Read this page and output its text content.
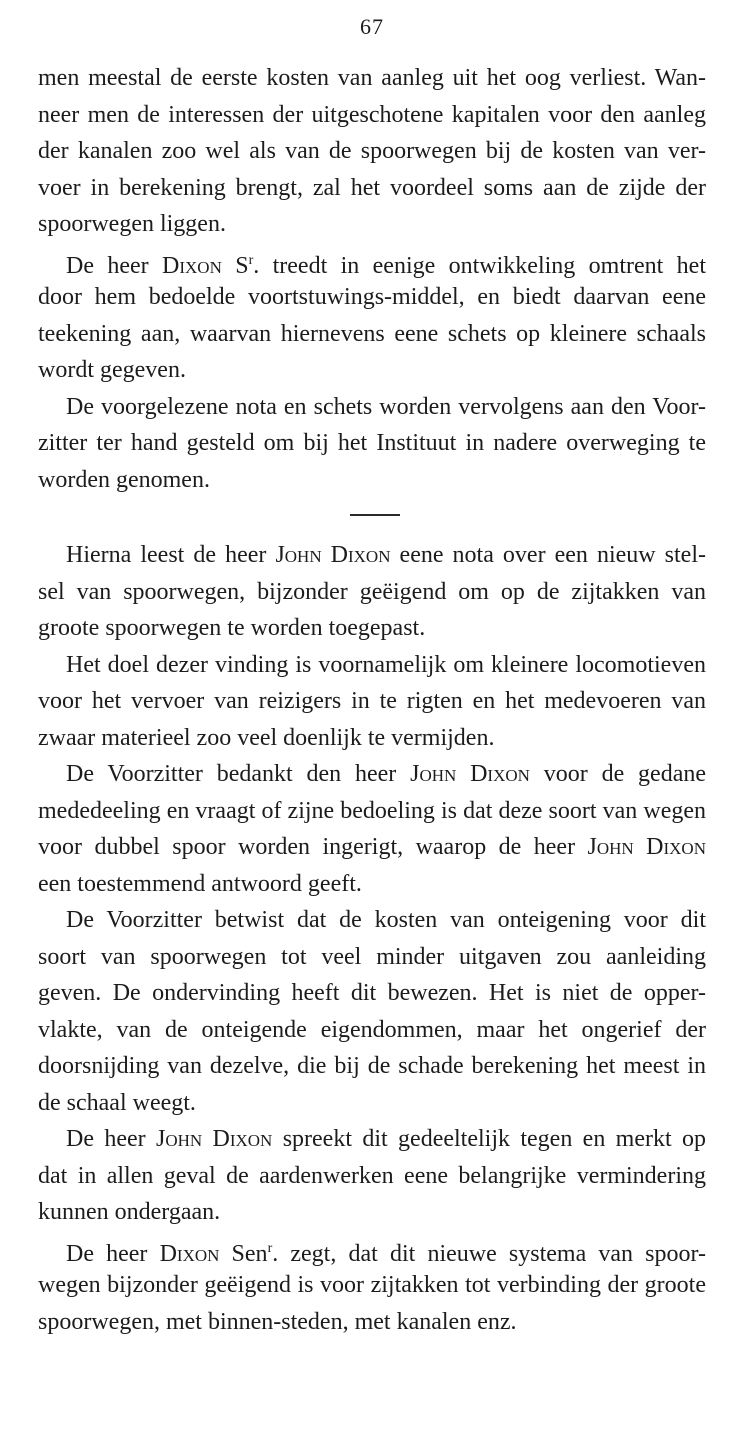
67
men meestal de eerste kosten van aanleg uit het oog verliest. Wan-
neer men de interessen der uitgeschotene kapitalen voor den aanleg
der kanalen zoo wel als van de spoorwegen bij de kosten van ver-
voer in berekening brengt, zal het voordeel soms aan de zijde der
spoorwegen liggen.
De heer Dixon $S^r$. treedt in eenige ontwikkeling omtrent het
door hem bedoelde voortstuwings-middel, en biedt daarvan eene
teekening aan, waarvan hiernevens eene schets op kleinere schaals
wordt gegeven.
De voorgelezene nota en schets worden vervolgens aan den Voor-
zitter ter hand gesteld om bij het Instituut in nadere overweging te
worden genomen.
Hierna leest de heer John Dixon eene nota over een nieuw stel-
sel van spoorwegen, bijzonder geëigend om op de zijtakken van
groote spoorwegen te worden toegepast.
Het doel dezer vinding is voornamelijk om kleinere locomotieven
voor het vervoer van reizigers in te rigten en het medevoeren van
zwaar materieel zoo veel doenlijk te vermijden.
De Voorzitter bedankt den heer John Dixon voor de gedane
mededeeling en vraagt of zijne bedoeling is dat deze soort van wegen
voor dubbel spoor worden ingerigt, waarop de heer John Dixon
een toestemmend antwoord geeft.
De Voorzitter betwist dat de kosten van onteigening voor dit
soort van spoorwegen tot veel minder uitgaven zou aanleiding
geven. De ondervinding heeft dit bewezen. Het is niet de opper-
vlakte, van de onteigende eigendommen, maar het ongerief der
doorsnijding van dezelve, die bij de schade berekening het meest in
de schaal weegt.
De heer John Dixon spreekt dit gedeeltelijk tegen en merkt op
dat in allen geval de aardenwerken eene belangrijke vermindering
kunnen ondergaan.
De heer Dixon Sen$^r$. zegt, dat dit nieuwe systema van spoor-
wegen bijzonder geëigend is voor zijtakken tot verbinding der groote
spoorwegen, met binnen-steden, met kanalen enz.
